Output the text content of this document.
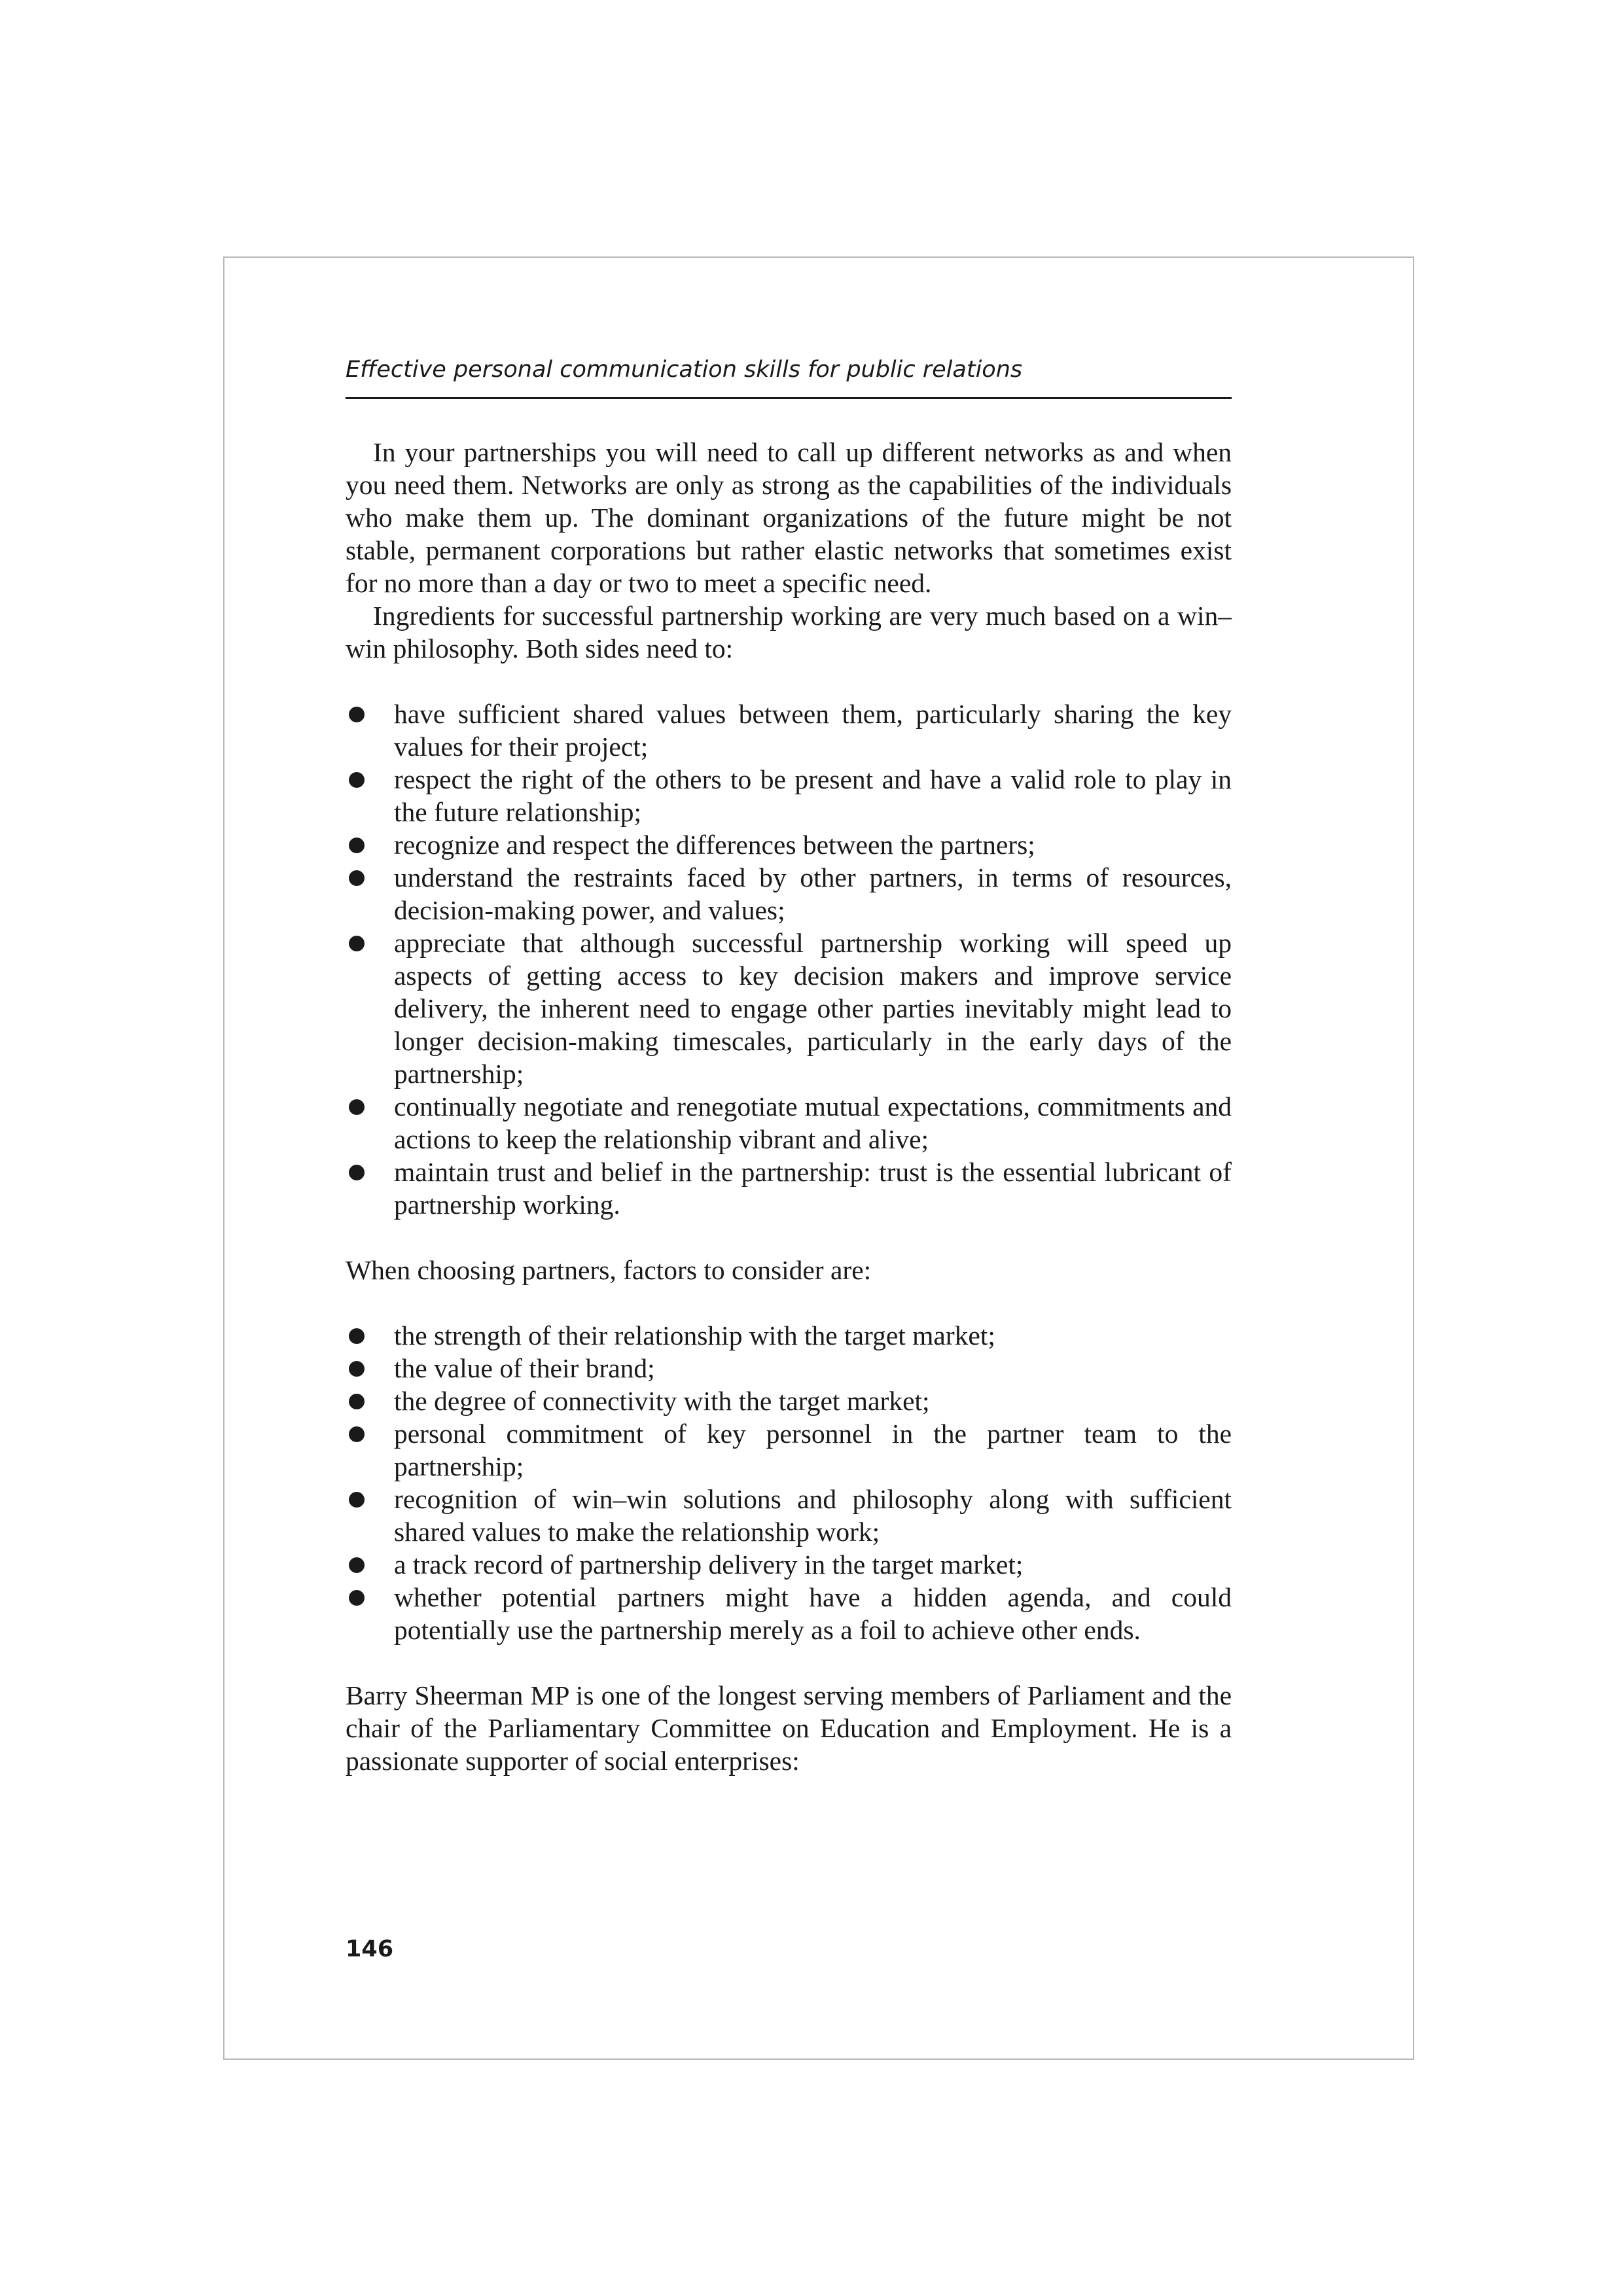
Effective personal communication skills for public relations

In your partnerships you will need to call up different networks as and when you need them. Networks are only as strong as the capabilities of the individuals who make them up. The dominant organizations of the future might be not stable, permanent corporations but rather elastic networks that sometimes exist for no more than a day or two to meet a specific need.

Ingredients for successful partnership working are very much based on a win–win philosophy. Both sides need to:

have sufficient shared values between them, particularly sharing the key values for their project;
respect the right of the others to be present and have a valid role to play in the future relationship;
recognize and respect the differences between the partners;
understand the restraints faced by other partners, in terms of resources, decision-making power, and values;
appreciate that although successful partnership working will speed up aspects of getting access to key decision makers and improve service delivery, the inherent need to engage other parties inevitably might lead to longer decision-making timescales, particularly in the early days of the partnership;
continually negotiate and renegotiate mutual expectations, commitments and actions to keep the relationship vibrant and alive;
maintain trust and belief in the partnership: trust is the essential lubricant of partnership working.

When choosing partners, factors to consider are:

the strength of their relationship with the target market;
the value of their brand;
the degree of connectivity with the target market;
personal commitment of key personnel in the partner team to the partnership;
recognition of win–win solutions and philosophy along with sufficient shared values to make the relationship work;
a track record of partnership delivery in the target market;
whether potential partners might have a hidden agenda, and could potentially use the partnership merely as a foil to achieve other ends.

Barry Sheerman MP is one of the longest serving members of Parliament and the chair of the Parliamentary Committee on Education and Employment. He is a passionate supporter of social enterprises:

146
